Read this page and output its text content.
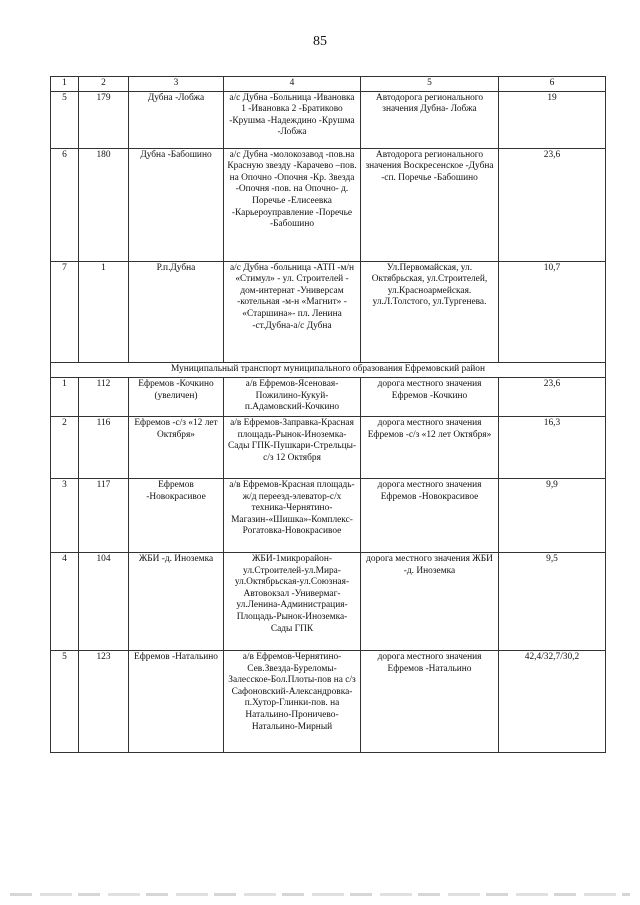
85
1	2	3	4	5	6
5	179	Дубна -Лобжа	а/с Дубна -Больница -Ивановка 1 -Ивановка 2 -Братиково -Крушма -Надеждино -Крушма -Лобжа	Автодорога регионального значения Дубна- Лобжа	19
6	180	Дубна -Бабошино	а/с Дубна -молокозавод -пов.на Красную звезду -Карачево –пов. на Опочно -Опочня -Кр. Звезда -Опочня -пов. на Опочно- д. Поречье -Елисеевка -Карьероуправление -Поречье -Бабошино	Автодорога регионального значения Воскресенское -Дубна -сп. Поречье -Бабошино	23,6
7	1	Р.п.Дубна	а/с Дубна -больница -АТП -м/н «Стимул» - ул. Строителей - дом-интернат -Универсам -котельная -м-н «Магнит» - «Старшина»- пл. Ленина -ст.Дубна-а/с Дубна	Ул.Первомайская, ул. Октябрьская, ул.Строителей, ул.Красноармейская. ул.Л.Толстого, ул.Тургенева.	10,7
Муниципальный транспорт муниципального образования Ефремовский район					
1	112	Ефремов -Кочкино (увеличен)	а/в Ефремов-Ясеновая-Пожилино-Кукуй-п.Адамовский-Кочкино	дорога местного значения Ефремов -Кочкино	23,6
2	116	Ефремов -с/з «12 лет Октября»	а/в Ефремов-Заправка-Красная площадь-Рынок-Иноземка-Сады ГПК-Пушкари-Стрельцы-с/з 12 Октября	дорога местного значения Ефремов -с/з «12 лет Октября»	16,3
3	117	Ефремов -Новокрасивое	а/в Ефремов-Красная площадь-ж/д переезд-элеватор-с/х техника-Чернятино-Магазин-«Шишка»-Комплекс-Рогатовка-Новокрасивое	дорога местного значения Ефремов -Новокрасивое	9,9
4	104	ЖБИ -д. Иноземка	ЖБИ-1микрорайон-ул.Строителей-ул.Мира-ул.Октябрьская-ул.Союзная-Автовокзал -Универмаг-ул.Ленина-Администрация-Площадь-Рынок-Иноземка-Сады ГПК	дорога местного значения ЖБИ -д. Иноземка	9,5
5	123	Ефремов -Натальино	а/в Ефремов-Чернятино-Сев.Звезда-Буреломы-Залесское-Бол.Плоты-пов на с/з Сафоновский-Александровка-п.Хутор-Глинки-пов. на Натальино-Проничево-Натальино-Мирный	дорога местного значения Ефремов -Натальино	42,4/32,7/30,2
